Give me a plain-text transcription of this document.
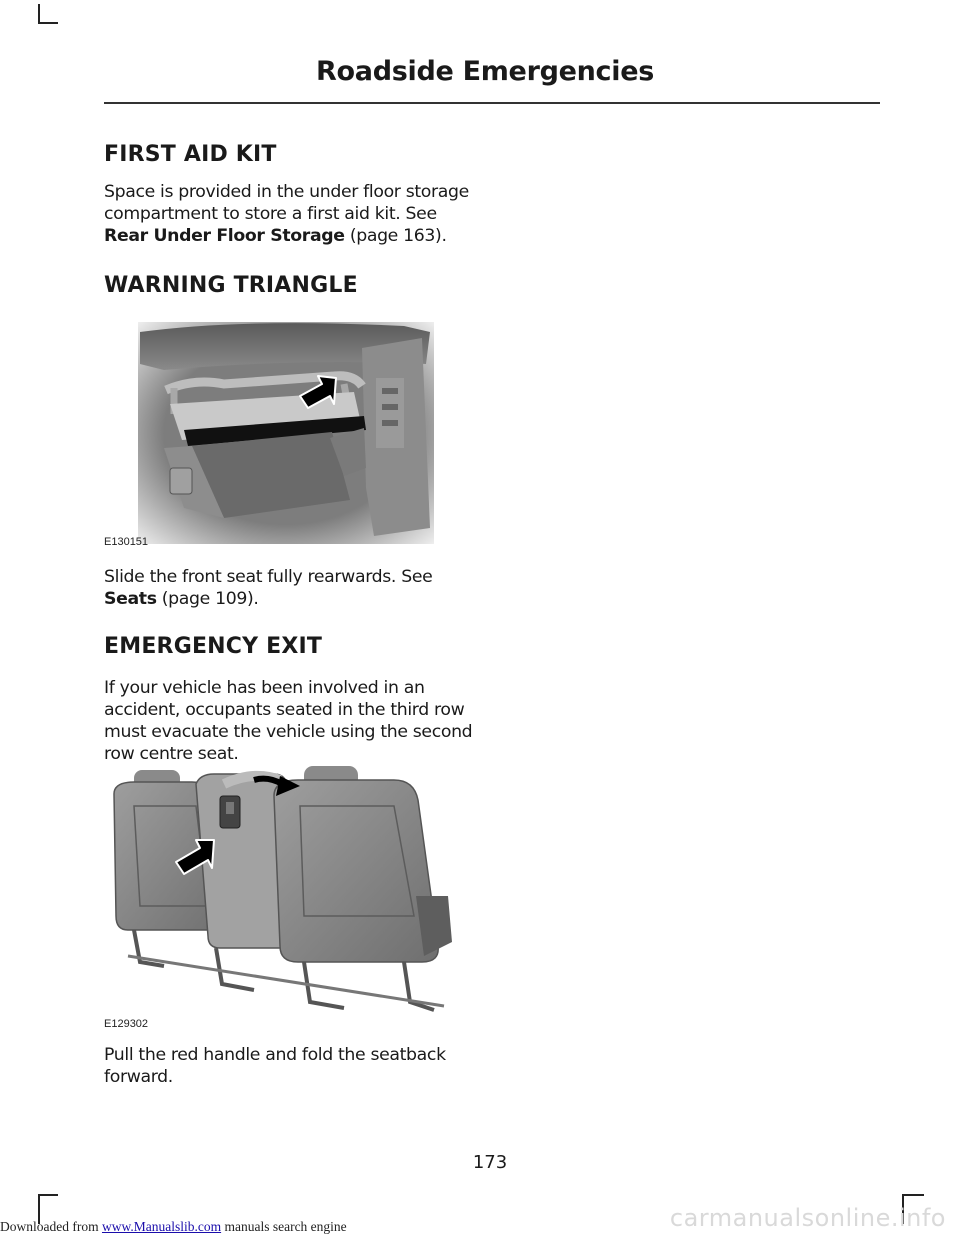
Roadside Emergencies
FIRST AID KIT

Space is provided in the under floor storage compartment to store a first aid kit. See Rear Under Floor Storage (page 163).

WARNING TRIANGLE
E130151

Slide the front seat fully rearwards. See Seats (page 109).

EMERGENCY EXIT

If your vehicle has been involved in an accident, occupants seated in the third row must evacuate the vehicle using the second row centre seat.

E129302

Pull the red handle and fold the seatback forward.

173
Downloaded from www.Manualslib.com manuals search engine	carmanualsonline.info
